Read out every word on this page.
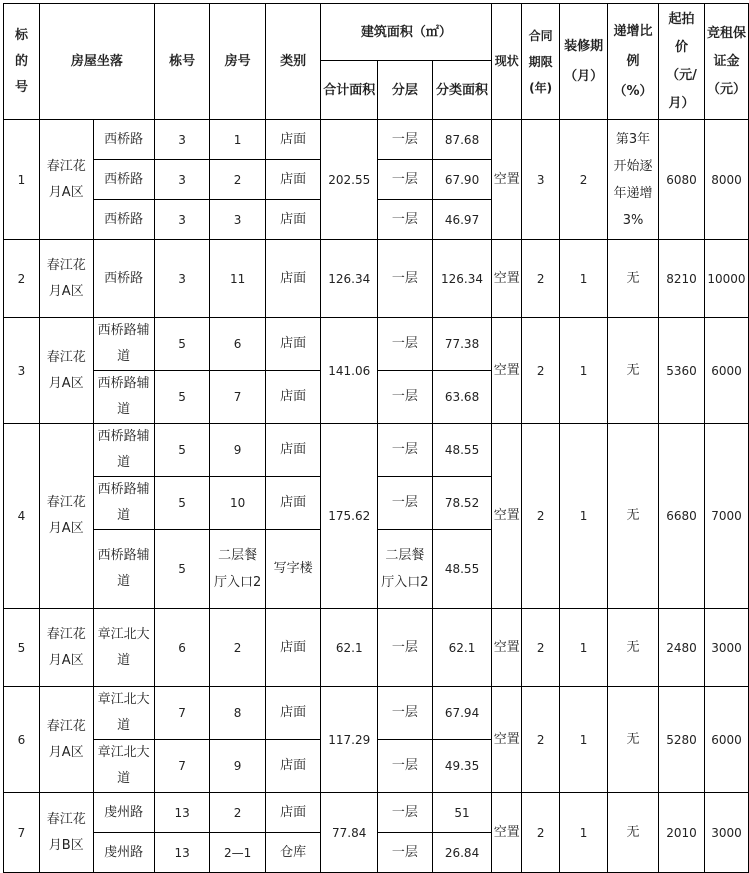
标的号	房屋坐落		栋号	房号	类别	建筑面积（㎡）			现状	合同期限(年)	装修期（月）	递增比例（%）	起拍价（元/月）	竞租保证金（元）
						合计面积	分层	分类面积						
1	春江花月A区	西桥路	3	1	店面	202.55	一层	87.68	空置	3	2	第3年开始逐年递增3%	6080	8000
		西桥路	3	2	店面		一层	67.90						
		西桥路	3	3	店面		一层	46.97						
2	春江花月A区	西桥路	3	11	店面	126.34	一层	126.34	空置	2	1	无	8210	10000
3	春江花月A区	西桥路辅道	5	6	店面	141.06	一层	77.38	空置	2	1	无	5360	6000
		西桥路辅道	5	7	店面		一层	63.68						
4	春江花月A区	西桥路辅道	5	9	店面	175.62	一层	48.55	空置	2	1	无	6680	7000
		西桥路辅道	5	10	店面		一层	78.52						
		西桥路辅道	5	二层餐厅入口2	写字楼		二层餐厅入口2	48.55						
5	春江花月A区	章江北大道	6	2	店面	62.1	一层	62.1	空置	2	1	无	2480	3000
6	春江花月A区	章江北大道	7	8	店面	117.29	一层	67.94	空置	2	1	无	5280	6000
		章江北大道	7	9	店面		一层	49.35						
7	春江花月B区	虔州路	13	2	店面	77.84	一层	51	空置	2	1	无	2010	3000
		虔州路	13	2—1	仓库		一层	26.84						
